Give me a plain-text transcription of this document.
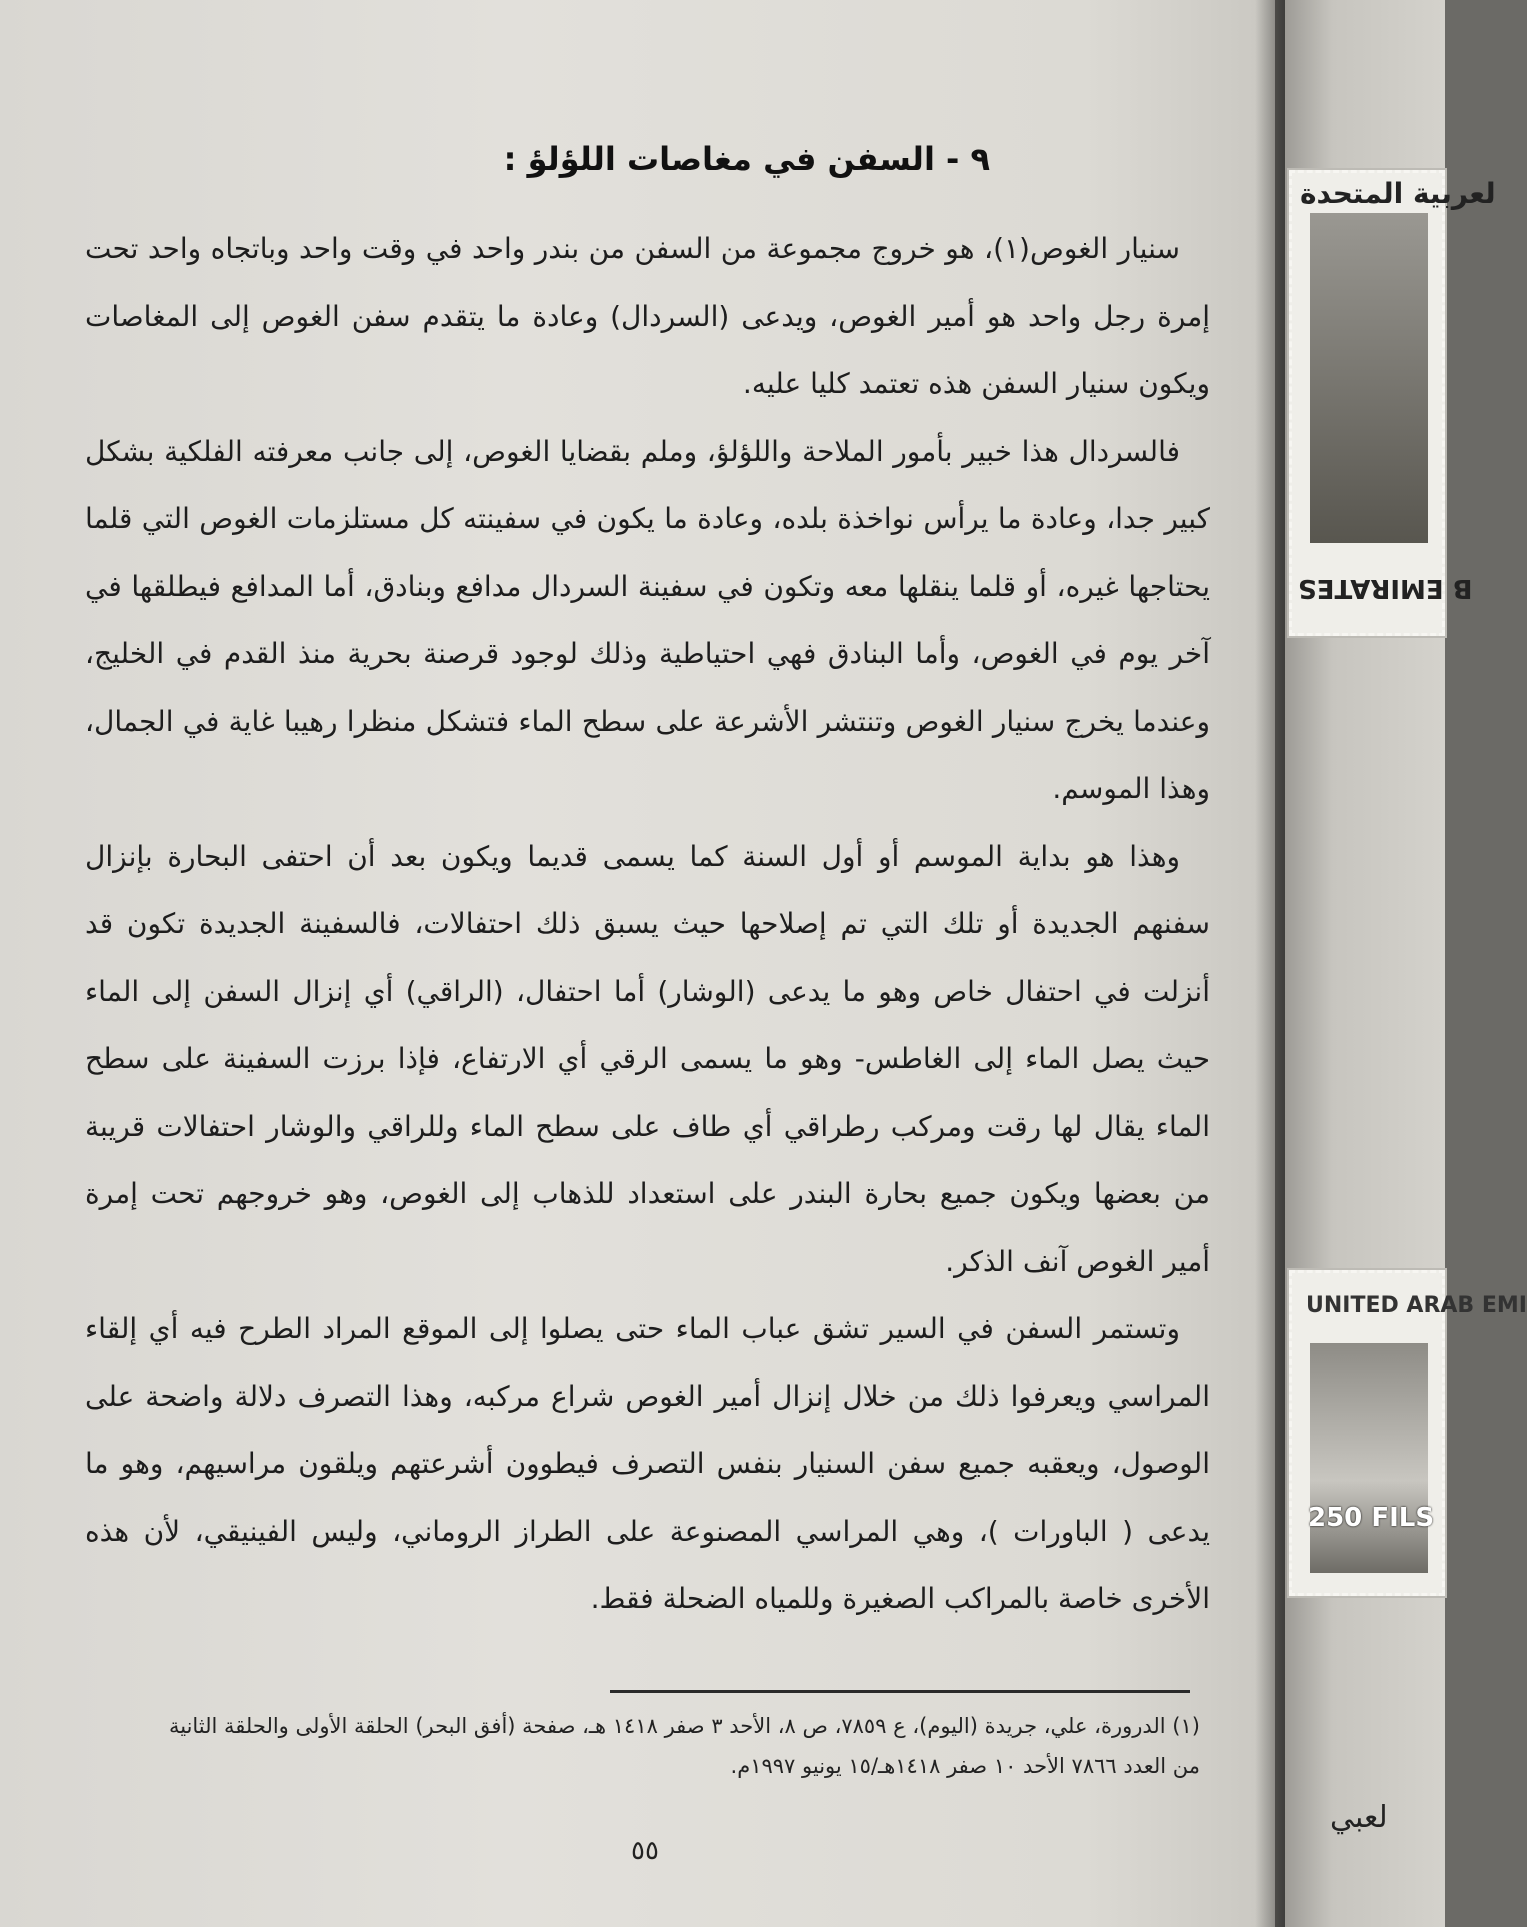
٩ - السفن في مغاصات اللؤلؤ :

سنيار الغوص(١)، هو خروج مجموعة من السفن من بندر واحد في وقت واحد وباتجاه واحد تحت إمرة رجل واحد هو أمير الغوص، ويدعى (السردال) وعادة ما يتقدم سفن الغوص إلى المغاصات ويكون سنيار السفن هذه تعتمد كليا عليه.

فالسردال هذا خبير بأمور الملاحة واللؤلؤ، وملم بقضايا الغوص، إلى جانب معرفته الفلكية بشكل كبير جدا، وعادة ما يرأس نواخذة بلده، وعادة ما يكون في سفينته كل مستلزمات الغوص التي قلما يحتاجها غيره، أو قلما ينقلها معه وتكون في سفينة السردال مدافع وبنادق، أما المدافع فيطلقها في آخر يوم في الغوص، وأما البنادق فهي احتياطية وذلك لوجود قرصنة بحرية منذ القدم في الخليج، وعندما يخرج سنيار الغوص وتنتشر الأشرعة على سطح الماء فتشكل منظرا رهيبا غاية في الجمال، وهذا الموسم.

وهذا هو بداية الموسم أو أول السنة كما يسمى قديما ويكون بعد أن احتفى البحارة بإنزال سفنهم الجديدة أو تلك التي تم إصلاحها حيث يسبق ذلك احتفالات، فالسفينة الجديدة تكون قد أنزلت في احتفال خاص وهو ما يدعى (الوشار) أما احتفال، (الراقي) أي إنزال السفن إلى الماء حيث يصل الماء إلى الغاطس- وهو ما يسمى الرقي أي الارتفاع، فإذا برزت السفينة على سطح الماء يقال لها رقت ومركب رطراقي أي طاف على سطح الماء وللراقي والوشار احتفالات قريبة من بعضها ويكون جميع بحارة البندر على استعداد للذهاب إلى الغوص، وهو خروجهم تحت إمرة أمير الغوص آنف الذكر.

وتستمر السفن في السير تشق عباب الماء حتى يصلوا إلى الموقع المراد الطرح فيه أي إلقاء المراسي ويعرفوا ذلك من خلال إنزال أمير الغوص شراع مركبه، وهذا التصرف دلالة واضحة على الوصول، ويعقبه جميع سفن السنيار بنفس التصرف فيطوون أشرعتهم ويلقون مراسيهم، وهو ما يدعى ( الباورات )، وهي المراسي المصنوعة على الطراز الروماني، وليس الفينيقي، لأن هذه الأخرى خاصة بالمراكب الصغيرة وللمياه الضحلة فقط.

(١) الدرورة، علي، جريدة (اليوم)، ع ٧٨٥٩، ص ٨، الأحد ٣ صفر ١٤١٨ هـ، صفحة (أفق البحر) الحلقة الأولى والحلقة الثانية
من العدد ٧٨٦٦ الأحد ١٠ صفر ١٤١٨هـ/١٥ يونيو ١٩٩٧م.
٥٥
لعربية المتحدة
B EMIRATES
UNITED ARAB EMI
250 FILS
لعبي
